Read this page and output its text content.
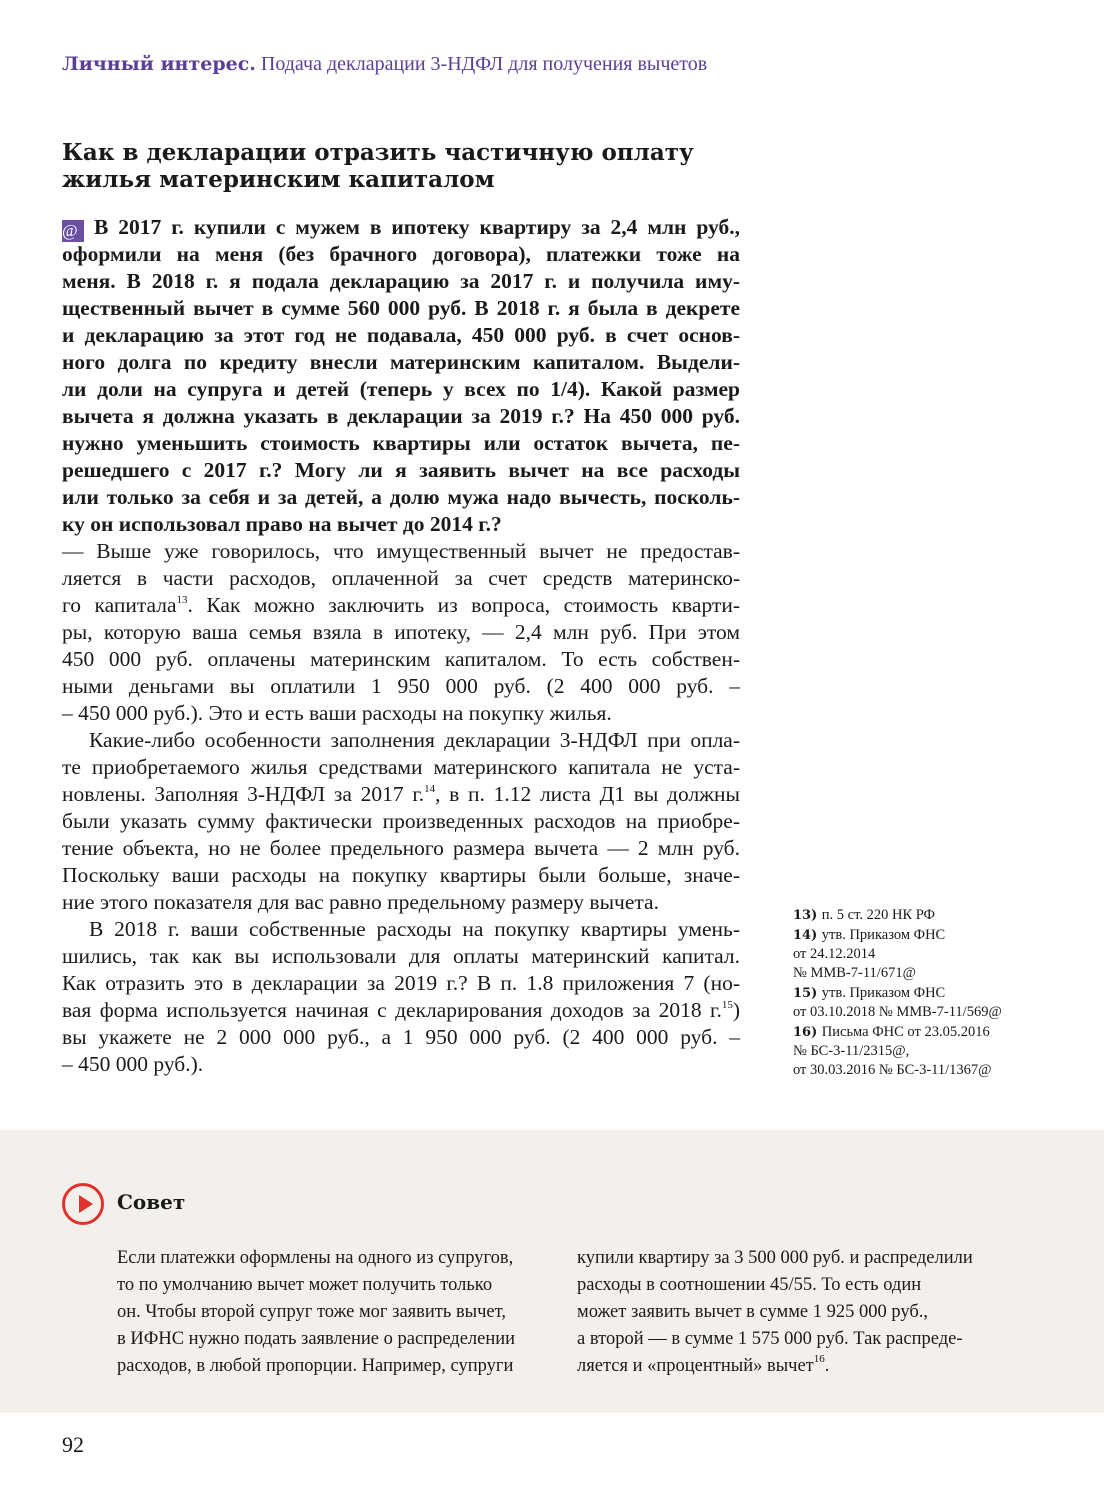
Личный интерес. Подача декларации 3-НДФЛ для получения вычетов
Как в декларации отразить частичную оплату
жилья материнским капиталом
@ В 2017 г. купили с мужем в ипотеку квартиру за 2,4 млн руб.,
оформили на меня (без брачного договора), платежки тоже на
меня. В 2018 г. я подала декларацию за 2017 г. и получила иму-
щественный вычет в сумме 560 000 руб. В 2018 г. я была в декрете
и декларацию за этот год не подавала, 450 000 руб. в счет основ-
ного долга по кредиту внесли материнским капиталом. Выдели-
ли доли на супруга и детей (теперь у всех по 1/4). Какой размер
вычета я должна указать в декларации за 2019 г.? На 450 000 руб.
нужно уменьшить стоимость квартиры или остаток вычета, пе-
решедшего с 2017 г.? Могу ли я заявить вычет на все расходы
или только за себя и за детей, а долю мужа надо вычесть, посколь-
ку он использовал право на вычет до 2014 г.?
— Выше уже говорилось, что имущественный вычет не предостав-
ляется в части расходов, оплаченной за счет средств материнско-
го капитала$^{13}$. Как можно заключить из вопроса, стоимость кварти-
ры, которую ваша семья взяла в ипотеку, — 2,4 млн руб. При этом
450 000 руб. оплачены материнским капиталом. То есть собствен-
ными деньгами вы оплатили 1 950 000 руб. (2 400 000 руб. –
– 450 000 руб.). Это и есть ваши расходы на покупку жилья.
Какие-либо особенности заполнения декларации 3-НДФЛ при опла-
те приобретаемого жилья средствами материнского капитала не уста-
новлены. Заполняя 3-НДФЛ за 2017 г.$^{14}$, в п. 1.12 листа Д1 вы должны
были указать сумму фактически произведенных расходов на приобре-
тение объекта, но не более предельного размера вычета — 2 млн руб.
Поскольку ваши расходы на покупку квартиры были больше, значе-
ние этого показателя для вас равно предельному размеру вычета.
В 2018 г. ваши собственные расходы на покупку квартиры умень-
шились, так как вы использовали для оплаты материнский капитал.
Как отразить это в декларации за 2019 г.? В п. 1.8 приложения 7 (но-
вая форма используется начиная с декларирования доходов за 2018 г.$^{15}$)
вы укажете не 2 000 000 руб., а 1 950 000 руб. (2 400 000 руб. –
– 450 000 руб.).
13) п. 5 ст. 220 НК РФ
14) утв. Приказом ФНС
от 24.12.2014
№ ММВ-7-11/671@
15) утв. Приказом ФНС
от 03.10.2018 № ММВ-7-11/569@
16) Письма ФНС от 23.05.2016
№ БС-3-11/2315@,
от 30.03.2016 № БС-3-11/1367@
Совет
Если платежки оформлены на одного из супругов,
то по умолчанию вычет может получить только
он. Чтобы второй супруг тоже мог заявить вычет,
в ИФНС нужно подать заявление о распределении
расходов, в любой пропорции. Например, супруги
купили квартиру за 3 500 000 руб. и распределили
расходы в соотношении 45/55. То есть один
может заявить вычет в сумме 1 925 000 руб.,
а второй — в сумме 1 575 000 руб. Так распреде-
ляется и «процентный» вычет$^{16}$.
92
